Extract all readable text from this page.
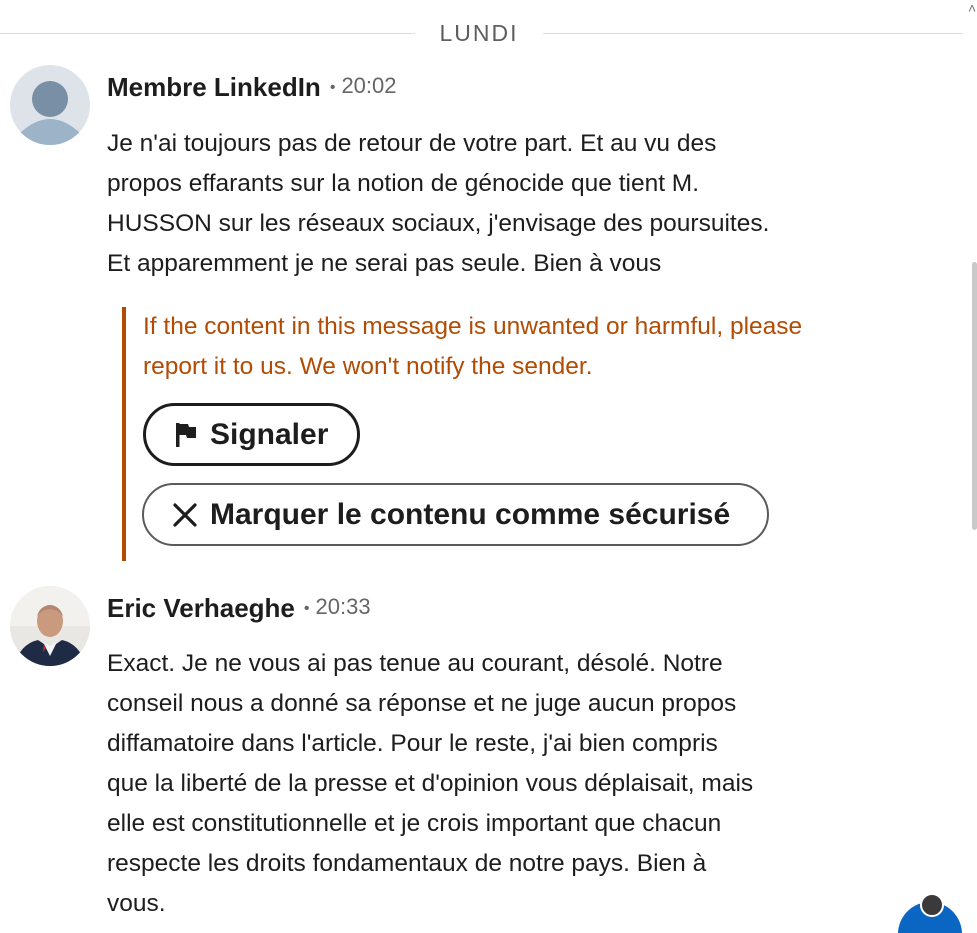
LUNDI
˄
Membre LinkedIn • 20:02
Je n'ai toujours pas de retour de votre part. Et au vu des
propos effarants sur la notion de génocide que tient M.
HUSSON sur les réseaux sociaux, j'envisage des poursuites.
Et apparemment je ne serai pas seule. Bien à vous
If the content in this message is unwanted or harmful, please
report it to us. We won't notify the sender.
Signaler
Marquer le contenu comme sécurisé
Eric Verhaeghe • 20:33
Exact. Je ne vous ai pas tenue au courant, désolé. Notre
conseil nous a donné sa réponse et ne juge aucun propos
diffamatoire dans l'article. Pour le reste, j'ai bien compris
que la liberté de la presse et d'opinion vous déplaisait, mais
elle est constitutionnelle et je crois important que chacun
respecte les droits fondamentaux de notre pays. Bien à
vous.
